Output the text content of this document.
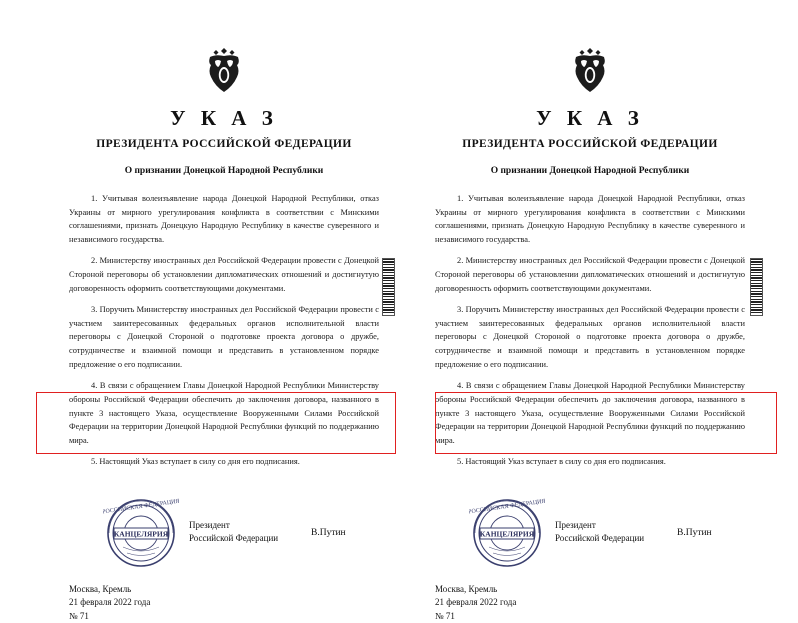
У К А З
ПРЕЗИДЕНТА РОССИЙСКОЙ ФЕДЕРАЦИИ
О признании Донецкой Народной Республики

1. Учитывая волеизъявление народа Донецкой Народной Республики, отказ Украины от мирного урегулирования конфликта в соответствии с Минскими соглашениями, признать Донецкую Народную Республику в качестве суверенного и независимого государства.

2. Министерству иностранных дел Российской Федерации провести с Донецкой Стороной переговоры об установлении дипломатических отношений и достигнутую договоренность оформить соответствующими документами.

3. Поручить Министерству иностранных дел Российской Федерации провести с участием заинтересованных федеральных органов исполнительной власти переговоры с Донецкой Стороной о подготовке проекта договора о дружбе, сотрудничестве и взаимной помощи и представить в установленном порядке предложение о его подписании.

4. В связи с обращением Главы Донецкой Народной Республики Министерству обороны Российской Федерации обеспечить до заключения договора, названного в пункте 3 настоящего Указа, осуществление Вооруженными Силами Российской Федерации на территории Донецкой Народной Республики функций по поддержанию мира.

5. Настоящий Указ вступает в силу со дня его подписания.

РОССИЙСКАЯ ФЕДЕРАЦИЯ
КАНЦЕЛЯРИЯ
Президент
Российской Федерации
В.Путин
Москва, Кремль
21 февраля 2022 года
№ 71
У К А З
ПРЕЗИДЕНТА РОССИЙСКОЙ ФЕДЕРАЦИИ
О признании Донецкой Народной Республики

1. Учитывая волеизъявление народа Донецкой Народной Республики, отказ Украины от мирного урегулирования конфликта в соответствии с Минскими соглашениями, признать Донецкую Народную Республику в качестве суверенного и независимого государства.

2. Министерству иностранных дел Российской Федерации провести с Донецкой Стороной переговоры об установлении дипломатических отношений и достигнутую договоренность оформить соответствующими документами.

3. Поручить Министерству иностранных дел Российской Федерации провести с участием заинтересованных федеральных органов исполнительной власти переговоры с Донецкой Стороной о подготовке проекта договора о дружбе, сотрудничестве и взаимной помощи и представить в установленном порядке предложение о его подписании.

4. В связи с обращением Главы Донецкой Народной Республики Министерству обороны Российской Федерации обеспечить до заключения договора, названного в пункте 3 настоящего Указа, осуществление Вооруженными Силами Российской Федерации на территории Донецкой Народной Республики функций по поддержанию мира.

5. Настоящий Указ вступает в силу со дня его подписания.

РОССИЙСКАЯ ФЕДЕРАЦИЯ
КАНЦЕЛЯРИЯ
Президент
Российской Федерации
В.Путин
Москва, Кремль
21 февраля 2022 года
№ 71
